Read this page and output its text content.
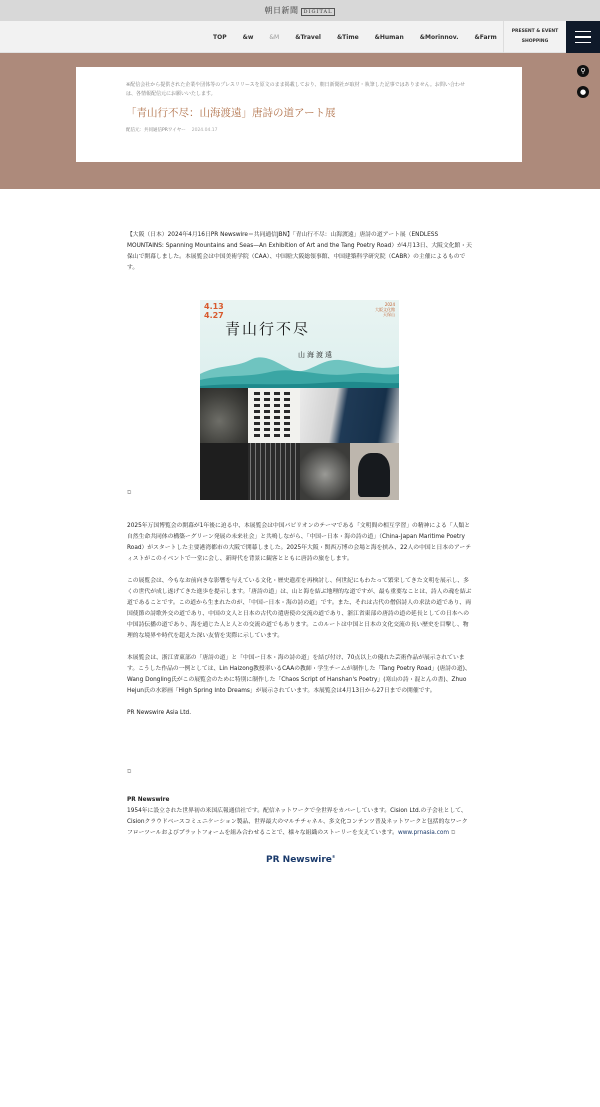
朝日新聞 DIGITAL
TOP	&w	&M	&Travel	&Time	&Human	&Morinnov.	&Farm
PRESENT & EVENT
SHOPPING
⚲
●
※配信会社から提供された企業や団体等のプレスリリースを原文のまま掲載しており、朝日新聞社が取材・執筆した記事ではありません。お問い合わせは、各情報配信元にお願いいたします。
「青山行不尽：山海渡遠」唐詩の道アート展
配信元：共同通信PRワイヤー 2024.04.17

【大阪（日本）2024年4月16日PR Newswire＝共同通信JBN】「青山行不尽：山海渡遠」唐詩の道アート展（ENDLESS MOUNTAINS: Spanning Mountains and Seas—An Exhibition of Art and the Tang Poetry Road）が4月13日、大阪文化館・天保山で開幕しました。本展覧会は中国美術学院（CAA）、中国駐大阪総領事館、中国建築科学研究院（CABR）の主催によるものです。

⧉

2025年万国博覧会の開幕が1年後に迫る中、本展覧会は中国パビリオンのテーマである「文明間の相互学習」の精神による「人類と自然生命共同体の構築ーグリーン発展の未来社会」と共鳴しながら、「中国ー日本・海の詩の道」（China-Japan Maritime Poetry Road）がスタートした主要港湾都市の大阪で開幕しました。2025年大阪・関西万博の会場と海を挟み、22人の中国と日本のアーティストがこのイベントで一堂に会し、新時代を背景に観客とともに唐詩の旅をします。

この展覧会は、今もなお前向きな影響を与えている文化・歴史遺産を再検討し、何世紀にもわたって繁栄してきた文明を展示し、多くの世代が成し遂げてきた進歩を提示します。「唐詩の道」は、山と海を結ぶ地理的な道ですが、最も重要なことは、詩人の魂を結ぶ道であることです。この道から生まれたのが、「中国ー日本・海の詩の道」です。また、それは古代の僧侶詩人の求法の道であり、両国使節の詩歌外交の道であり、中国の文人と日本の古代の遣唐使の交流の道であり、浙江省東部の唐詩の道の延長としての日本への中国詩伝播の道であり、海を通じた人と人との交流の道でもあります。このルートは中国と日本の文化交流の長い歴史を目撃し、物理的な境界や時代を超えた深い友情を実際に示しています。

本展覧会は、浙江省東部の「唐詩の道」と「中国ー日本・海の詩の道」を結び付け、70点以上の優れた芸術作品が展示されています。こうした作品の一例としては、Lin Haizong教授率いるCAAの教師・学生チームが制作した「Tang Poetry Road」(唐詩の道)、Wang Dongling氏がこの展覧会のために特別に制作した「Chaos Script of Hanshan's Poetry」(寒山の詩・混とんの書)、Zhuo Hejun氏の水彩画「High Spring Into Dreams」が展示されています。本展覧会は4月13日から27日までの開催です。

PR Newswire Asia Ltd.

⧉
PR Newswire
1954年に設立された世界初の米国広報通信社です。配信ネットワークで全世界をカバーしています。Cision Ltd.の子会社として、Cisionクラウドベースコミュニケーション製品、世界最大のマルチチャネル、多文化コンテンツ普及ネットワークと包括的なワークフローツールおよびプラットフォームを組み合わせることで、様々な組織のストーリーを支えています。www.prnasia.com ⧉
青山行不尽
山海渡遠
4.13
4.27
2024
大阪文化館
天保山
PR Newswire®
